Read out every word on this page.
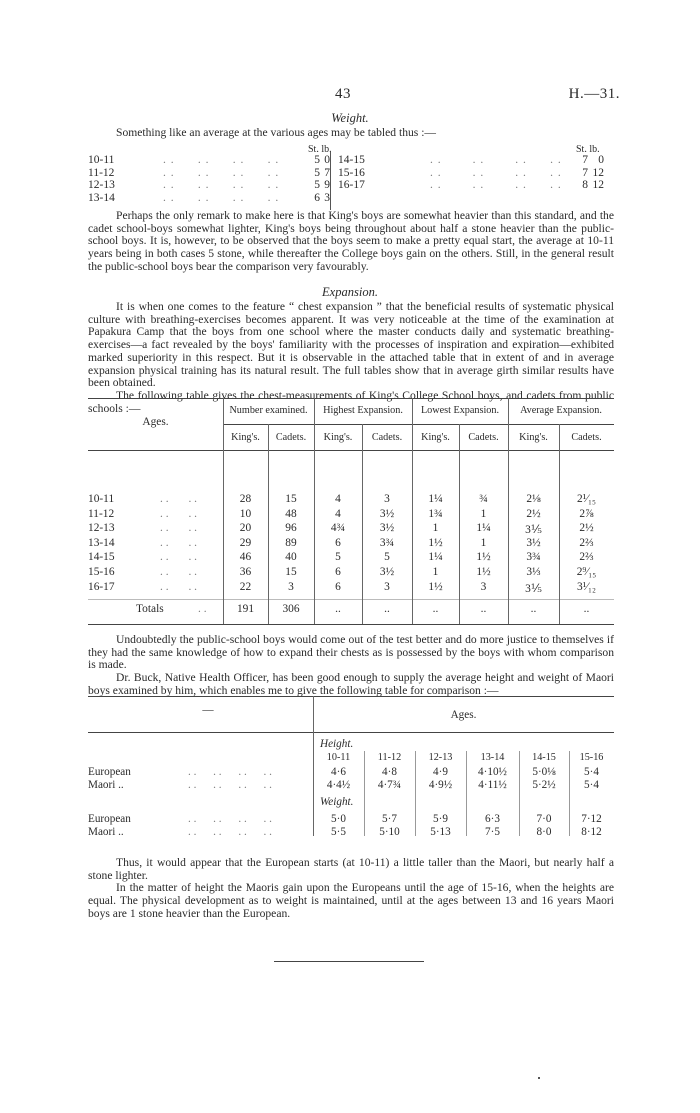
43	H.—31.
Weight.

Something like an average at the various ages may be tabled thus :—

St. lb.	St. lb.
10-11	. .      . .      . .      . .	5 0
11-12	. .      . .      . .      . .	5 7
12-13	. .      . .      . .      . .	5 9
13-14	. .      . .      . .      . .	6 3
14-15	. .        . .        . .      . .	7 0
15-16	. .        . .        . .      . .	7 12
16-17	. .        . .        . .      . .	8 12

Perhaps the only remark to make here is that King's boys are somewhat heavier than this standard, and the cadet school-boys somewhat lighter, King's boys being throughout about half a stone heavier than the public-school boys. It is, however, to be observed that the boys seem to make a pretty equal start, the average at 10-11 years being in both cases 5 stone, while thereafter the College boys gain on the others. Still, in the general result the public-school boys bear the comparison very favourably.

Expansion.

It is when one comes to the feature “ chest expansion ” that the beneficial results of systematic physical culture with breathing-exercises becomes apparent. It was very noticeable at the time of the examination at Papakura Camp that the boys from one school where the master conducts daily and systematic breathing-exercises—a fact revealed by the boys' familiarity with the processes of inspiration and expiration—exhibited marked superiority in this respect. But it is observable in the attached table that in extent of and in average expansion physical training has its natural result. The full tables show that in average girth similar results have been obtained.

The following table gives the chest-measurements of King's College School boys, and cadets from public schools :—

Ages.
Number examined.	Highest Expansion.	Lowest Expansion.	Average Expansion.
King's.	Cadets.	King's.	Cadets.	King's.	Cadets.	King's.	Cadets.
10-11	. .       . .	28	15	4	3	1¼	¾	2⅛	2¹⁄₁₅
11-12	. .       . .	10	48	4	3½	1¾	1	2½	2⅞
12-13	. .       . .	20	96	4¾	3½	1	1¼	3⅕	2½
13-14	. .       . .	29	89	6	3¾	1½	1	3½	2⅔
14-15	. .       . .	46	40	5	5	1¼	1½	3¾	2⅔
15-16	. .       . .	36	15	6	3½	1	1½	3⅓	2⁹⁄₁₅
16-17	. .       . .	22	3	6	3	1½	3	3⅕	3¹⁄₁₂
Totals	. .	191	306	..	..	..	..	..	..

Undoubtedly the public-school boys would come out of the test better and do more justice to themselves if they had the same knowledge of how to expand their chests as is possessed by the boys with whom comparison is made.

Dr. Buck, Native Health Officer, has been good enough to supply the average height and weight of Maori boys examined by him, which enables me to give the following table for comparison :—

—	Ages.
Height.
Weight.
10-11	11-12	12-13	13-14	14-15	15-16
European	. .      . .      . .      . .	4·6	4·8	4·9	4·10½	5·0⅛	5·4
Maori ..	. .      . .      . .      . .	4·4½	4·7¾	4·9½	4·11½	5·2½	5·4
European	. .      . .      . .      . .	5·0	5·7	5·9	6·3	7·0	7·12
Maori ..	. .      . .      . .      . .	5·5	5·10	5·13	7·5	8·0	8·12

Thus, it would appear that the European starts (at 10-11) a little taller than the Maori, but nearly half a stone lighter.

In the matter of height the Maoris gain upon the Europeans until the age of 15-16, when the heights are equal. The physical development as to weight is maintained, until at the ages between 13 and 16 years Maori boys are 1 stone heavier than the European.
